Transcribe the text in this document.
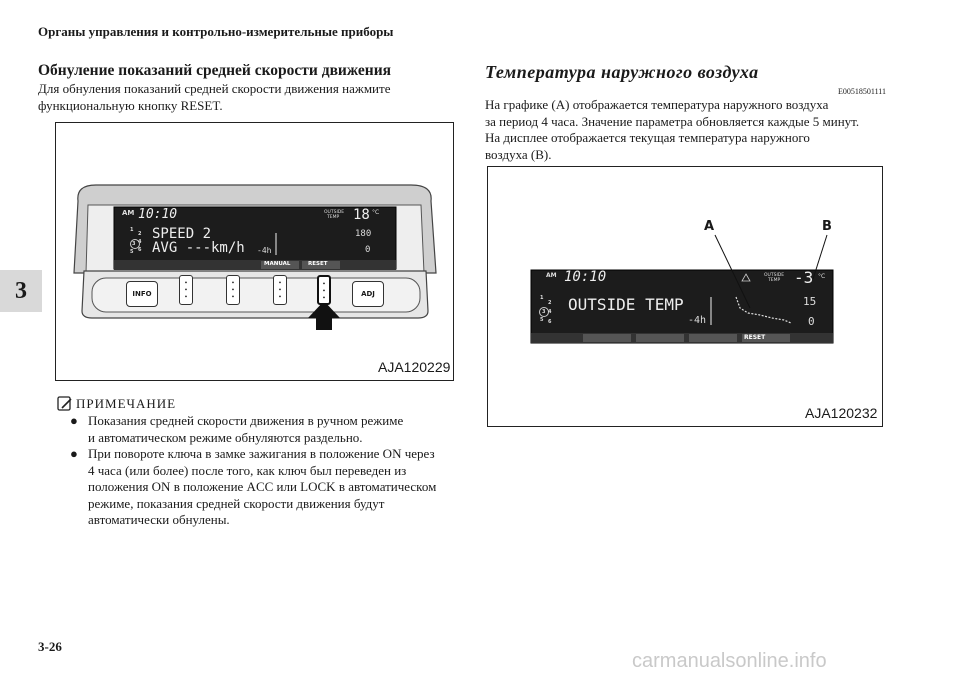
Органы управления и контрольно-измерительные приборы
Обнуление показаний средней скорости движения
Для обнуления показаний средней скорости движения нажмите
функциональную кнопку RESET.
AM 10:10	OUTSIDE
TEMP 18 °C
1
2
3 4
5 6
SPEED 2
AVG ---km/h -4h
180
0
MANUAL	RESET
INFO
•
•
•
•
•
•
•
•
•
•
•
•	ADJ
AJA120229
ПРИМЕЧАНИЕ
● Показания средней скорости движения в ручном режиме
и автоматическом режиме обнуляются раздельно.
● При повороте ключа в замке зажигания в положение ON через
4 часа (или более) после того, как ключ был переведен из
положения ON в положение ACC или LOCK в автоматическом
режиме, показания средней скорости движения будут
автоматически обнулены.
Температура наружного воздуха
E00518501111
На графике (A) отображается температура наружного воздуха
за период 4 часа. Значение параметра обновляется каждые 5 минут.
На дисплее отображается текущая температура наружного
воздуха (B).
A	B
AM 10:10	OUTSIDE
TEMP -3 °C
1
2
3 4
5 6
OUTSIDE TEMP
-4h
15
0
RESET
AJA120232
3
3-26
carmanualsonline.info
